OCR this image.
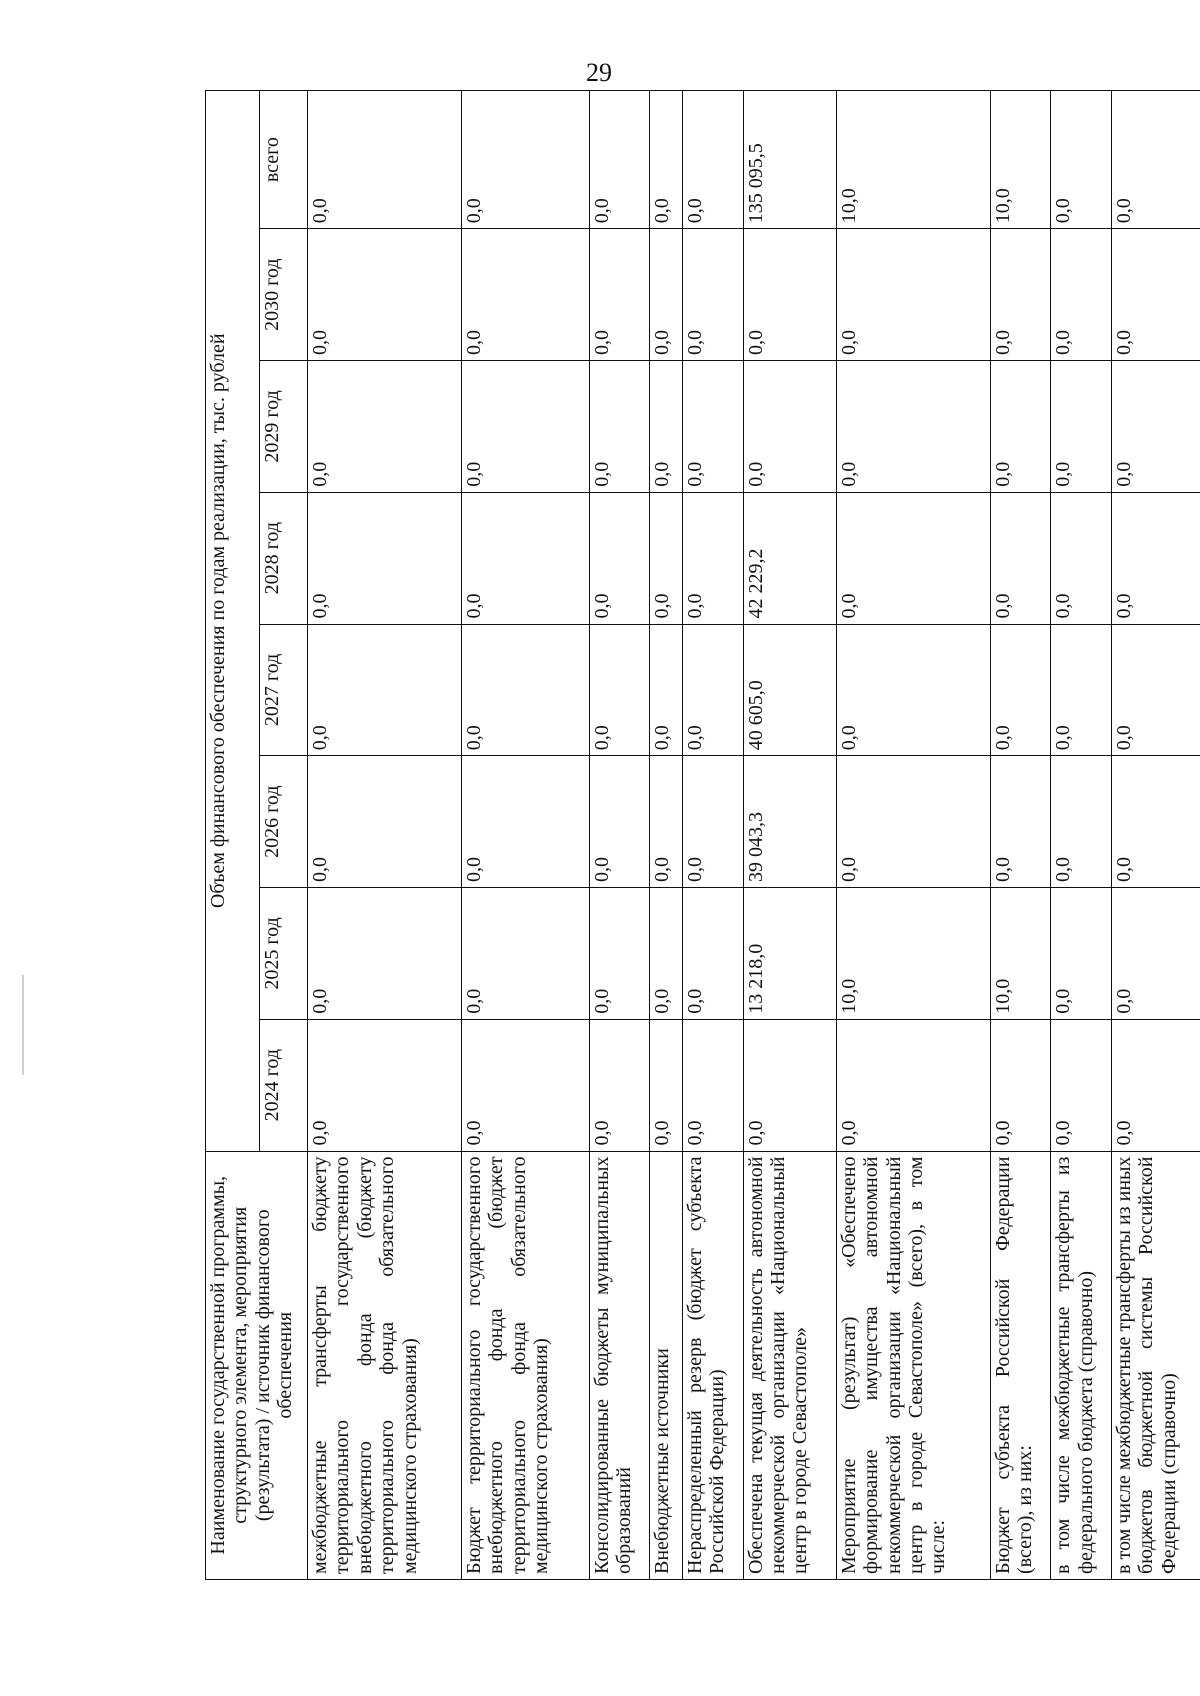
29
Наименование государственной программы, структурного элемента, мероприятия (результата) / источник финансового обеспечения	Объем финансового обеспечения по годам реализации, тыс. рублей							
	2024 год	2025 год	2026 год	2027 год	2028 год	2029 год	2030 год	всего
межбюджетные трансферты бюджету территориального государственного внебюджетного фонда (бюджету территориального фонда обязательного медицинского страхования)	0,0	0,0	0,0	0,0	0,0	0,0	0,0	0,0
Бюджет территориального государственного внебюджетного фонда (бюджет территориального фонда обязательного медицинского страхования)	0,0	0,0	0,0	0,0	0,0	0,0	0,0	0,0
Консолидированные бюджеты муниципальных образований	0,0	0,0	0,0	0,0	0,0	0,0	0,0	0,0
Внебюджетные источники	0,0	0,0	0,0	0,0	0,0	0,0	0,0	0,0
Нераспределенный резерв (бюджет субъекта Российской Федерации)	0,0	0,0	0,0	0,0	0,0	0,0	0,0	0,0
Обеспечена текущая деятельность автономной некоммерческой организации «Национальный центр в городе Севастополе»	0,0	13 218,0	39 043,3	40 605,0	42 229,2	0,0	0,0	135 095,5
Мероприятие (результат) «Обеспечено формирование имущества автономной некоммерческой организации «Национальный центр в городе Севастополе» (всего), в том числе:	0,0	10,0	0,0	0,0	0,0	0,0	0,0	10,0
Бюджет субъекта Российской Федерации (всего), из них:	0,0	10,0	0,0	0,0	0,0	0,0	0,0	10,0
в том числе межбюджетные трансферты из федерального бюджета (справочно)	0,0	0,0	0,0	0,0	0,0	0,0	0,0	0,0
в том числе межбюджетные трансферты из иных бюджетов бюджетной системы Российской Федерации (справочно)	0,0	0,0	0,0	0,0	0,0	0,0	0,0	0,0
